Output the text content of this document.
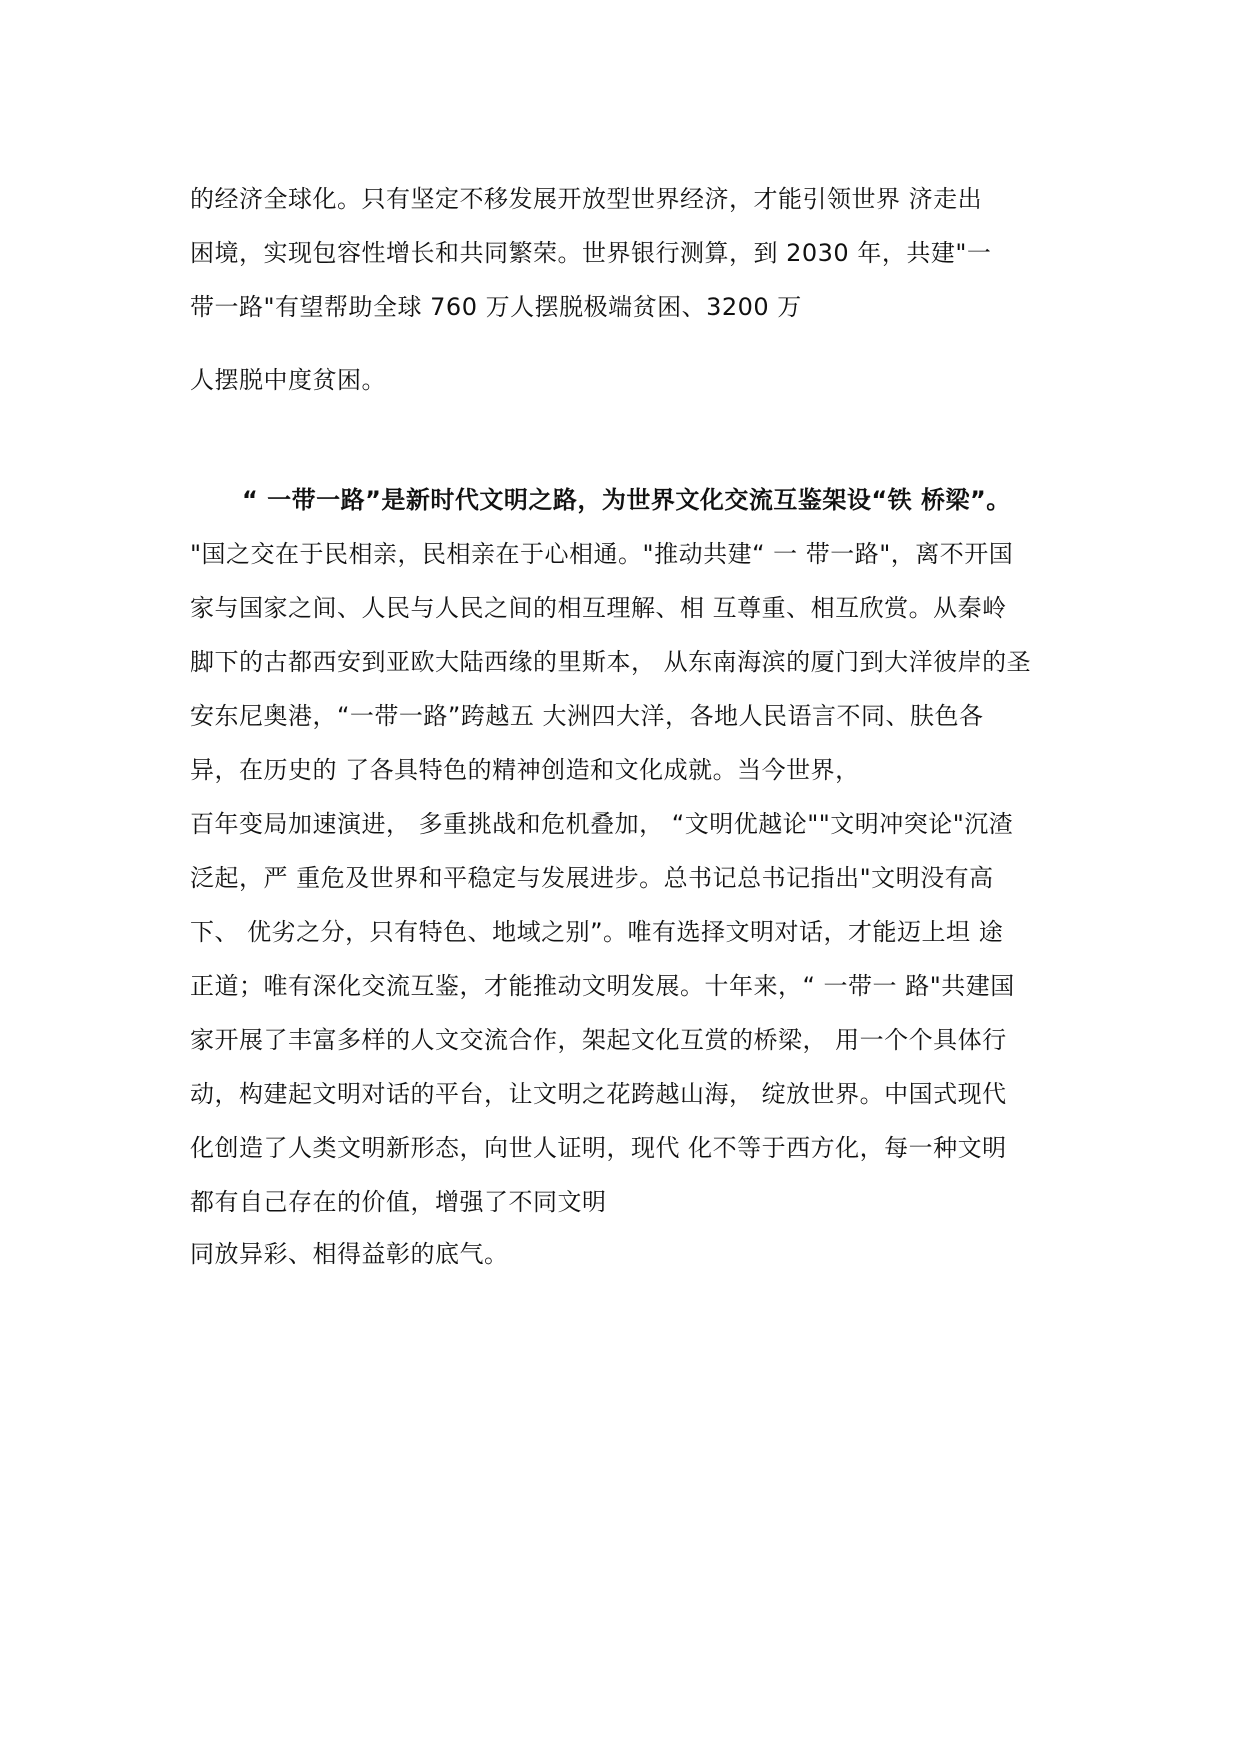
的经济全球化。只有坚定不移发展开放型世界经济，才能引领世界 济走出
困境，实现包容性增长和共同繁荣。世界银行测算，到 2030 年，共建"一
带一路"有望帮助全球 760 万人摆脱极端贫困、3200 万
人摆脱中度贫困。
“ 一带一路”是新时代文明之路，为世界文化交流互鉴架设“铁 桥梁”。
"国之交在于民相亲，民相亲在于心相通。"推动共建“ 一 带一路"，离不开国
家与国家之间、人民与人民之间的相互理解、相 互尊重、相互欣赏。从秦岭
脚下的古都西安到亚欧大陆西缘的里斯本， 从东南海滨的厦门到大洋彼岸的圣
安东尼奥港，“一带一路”跨越五 大洲四大洋，各地人民语言不同、肤色各
异，在历史的 了各具特色的精神创造和文化成就。当今世界，
百年变局加速演进， 多重挑战和危机叠加， “文明优越论""文明冲突论"沉渣
泛起，严 重危及世界和平稳定与发展进步。总书记总书记指出"文明没有高
下、 优劣之分，只有特色、地域之别”。唯有选择文明对话，才能迈上坦 途
正道；唯有深化交流互鉴，才能推动文明发展。十年来，“ 一带一 路"共建国
家开展了丰富多样的人文交流合作，架起文化互赏的桥梁， 用一个个具体行
动，构建起文明对话的平台，让文明之花跨越山海， 绽放世界。中国式现代
化创造了人类文明新形态，向世人证明，现代 化不等于西方化，每一种文明
都有自己存在的价值，增强了不同文明
同放异彩、相得益彰的底气。
